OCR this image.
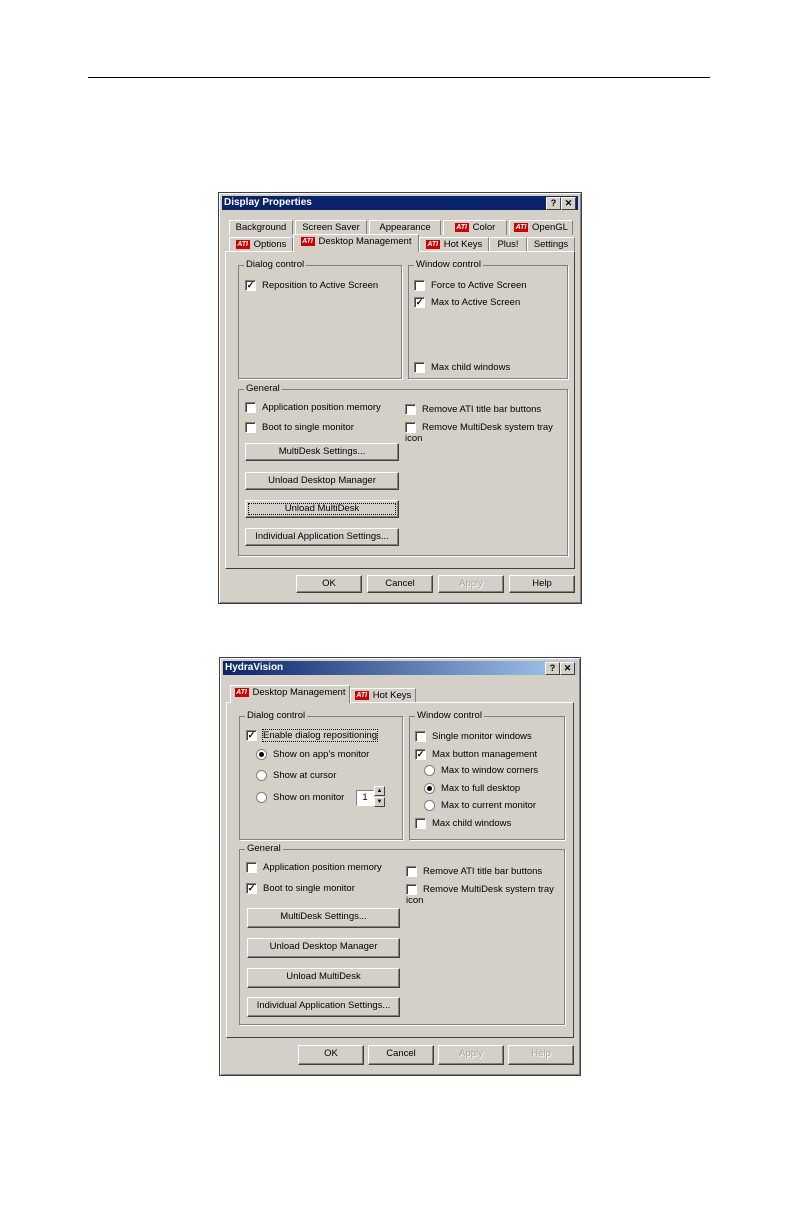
Display Properties	? ✕
Background	Screen Saver	Appearance	ATI Color	ATI OpenGL
ATI Options	ATI Desktop Management	ATI Hot Keys	Plus!	Settings
Dialog control
✓ Reposition to Active Screen
Window control
Force to Active Screen
✓ Max to Active Screen
Max child windows
General
Application position memory
Boot to single monitor
Remove ATI title bar buttons
Remove MultiDesk system tray icon
MultiDesk Settings...
Unload Desktop Manager
Unload MultiDesk
Individual Application Settings...
OK	Cancel	Apply	Help
HydraVision	? ✕
ATI Desktop Management	ATI Hot Keys
Dialog control
✓ Enable dialog repositioning
Show on app's monitor
Show at cursor
Show on monitor	1
▲
▼
Window control
Single monitor windows
✓ Max button management
Max to window corners
Max to full desktop
Max to current monitor
Max child windows
General
Application position memory
✓ Boot to single monitor
Remove ATI title bar buttons
Remove MultiDesk system tray icon
MultiDesk Settings...
Unload Desktop Manager
Unload MultiDesk
Individual Application Settings...
OK	Cancel	Apply	Help
